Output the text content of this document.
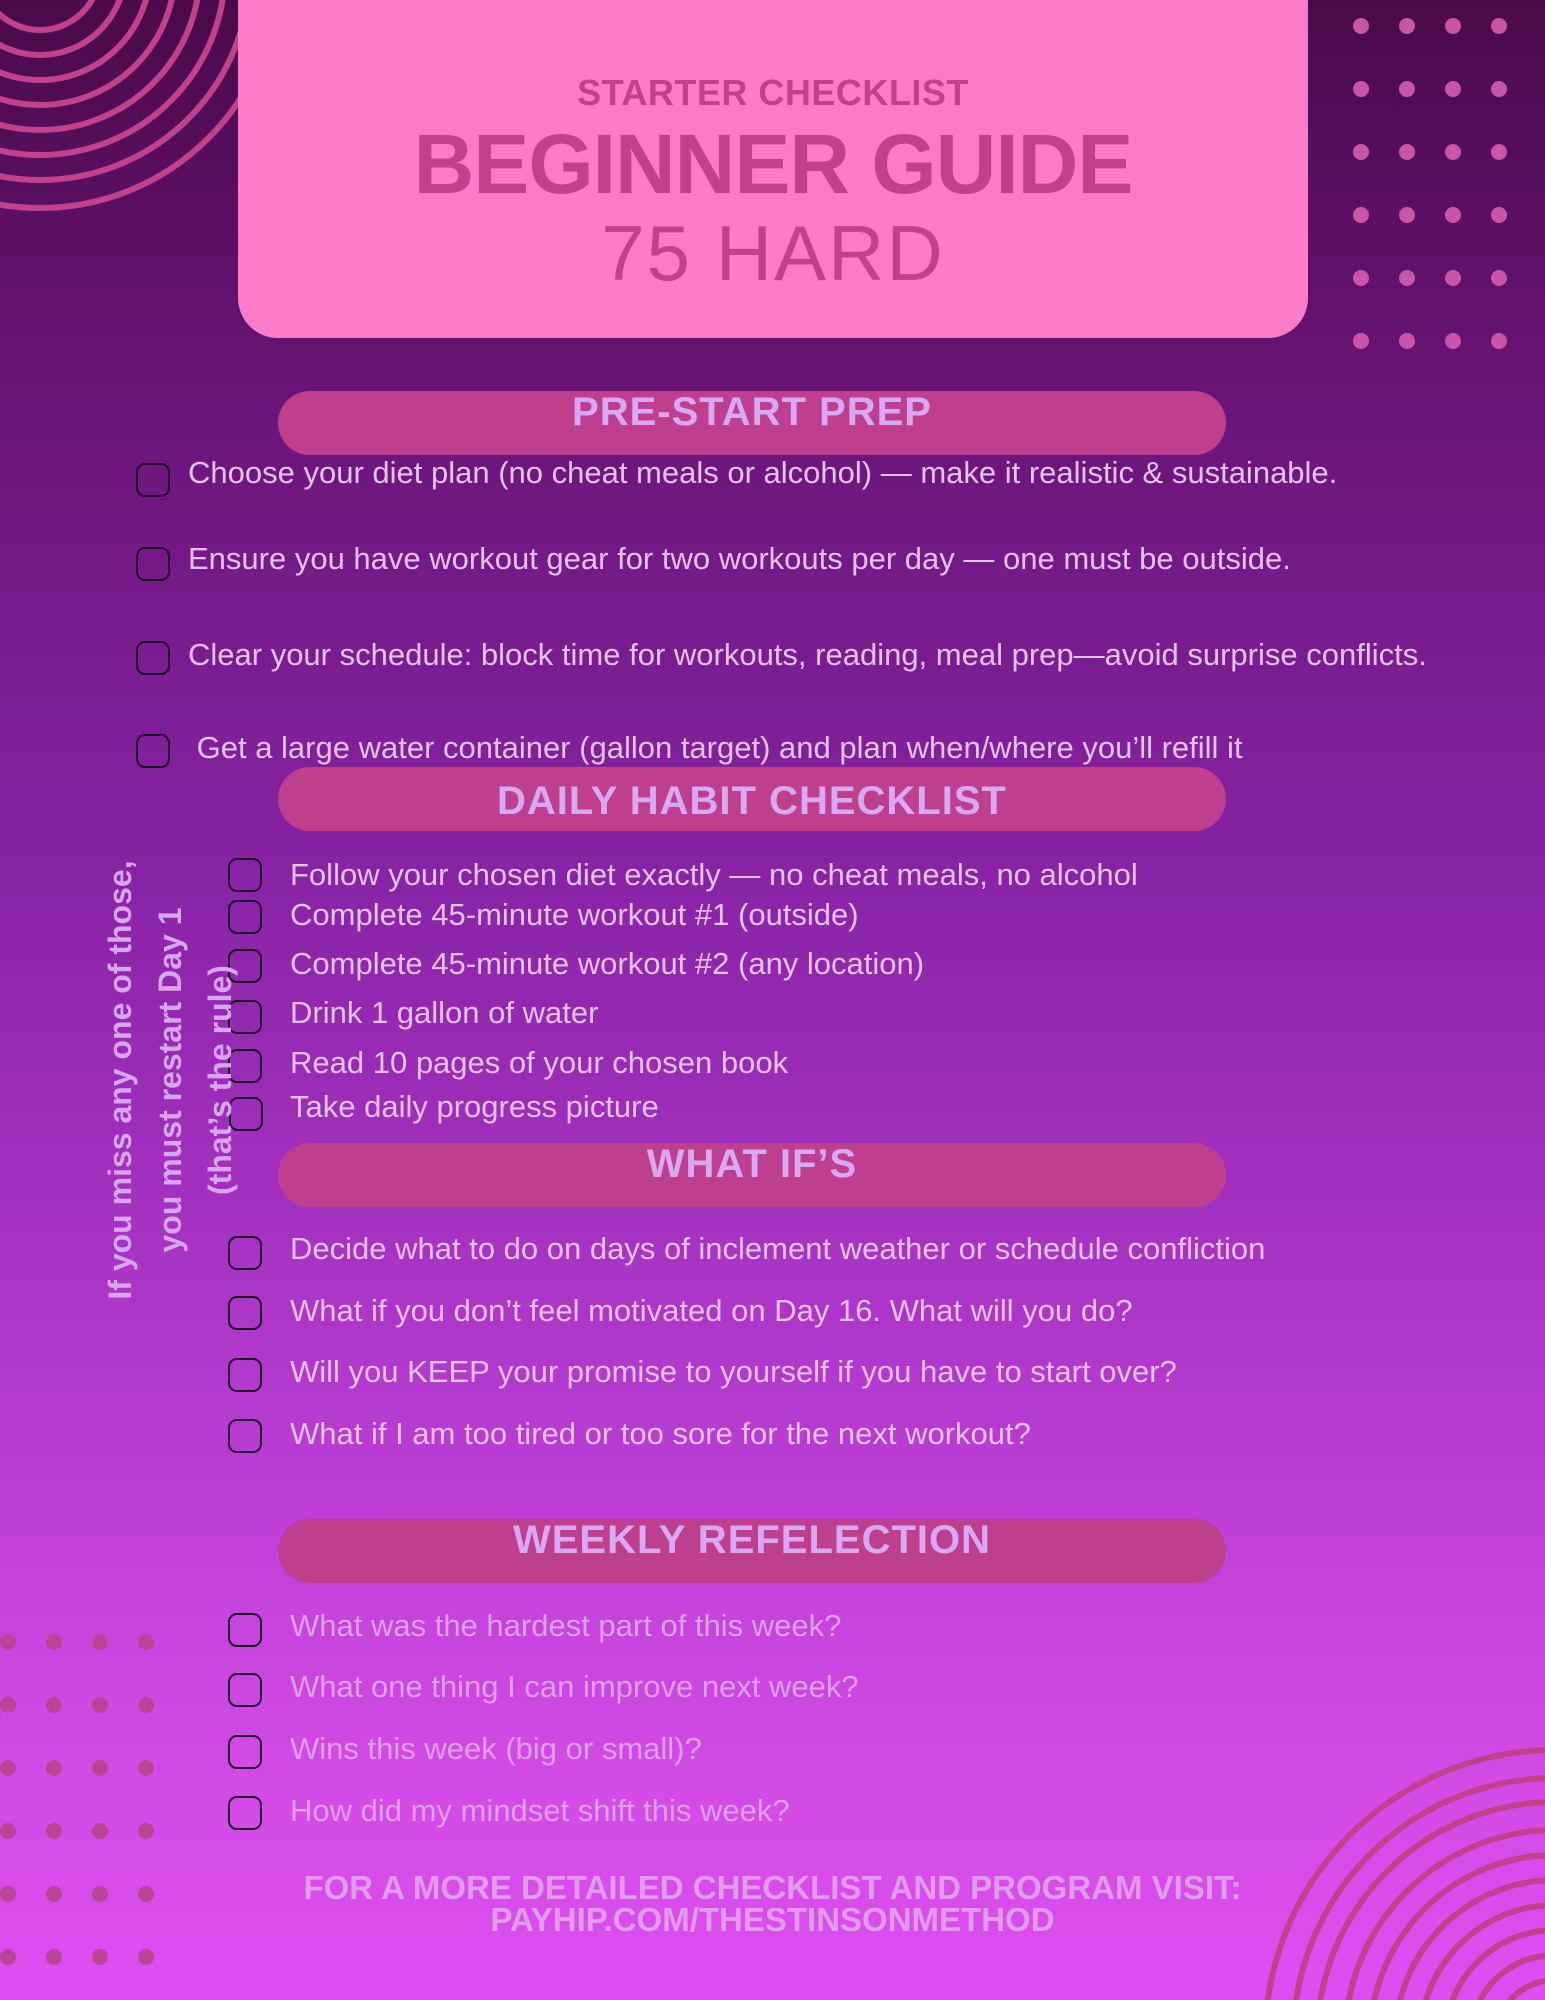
STARTER CHECKLIST
BEGINNER GUIDE
75 HARD
PRE-START PREP
Choose your diet plan (no cheat meals or alcohol) — make it realistic & sustainable.
Ensure you have workout gear for two workouts per day — one must be outside.
Clear your schedule: block time for workouts, reading, meal prep—avoid surprise conflicts.
Get a large water container (gallon target) and plan when/where you’ll refill it
DAILY HABIT CHECKLIST
Follow your chosen diet exactly — no cheat meals, no alcohol
Complete 45-minute workout #1 (outside)
Complete 45-minute workout #2 (any location)
Drink 1 gallon of water
Read 10 pages of your chosen book
Take daily progress picture
WHAT IF’S
Decide what to do on days of inclement weather or schedule confliction
What if you don’t feel motivated on Day 16. What will you do?
Will you KEEP your promise to yourself if you have to start over?
What if I am too tired or too sore for the next workout?
WEEKLY REFELECTION
What was the hardest part of this week?
What one thing I can improve next week?
Wins this week (big or small)?
How did my mindset shift this week?
If you miss any one of those, you must restart Day 1 (that’s the rule)
FOR A MORE DETAILED CHECKLIST AND PROGRAM VISIT:
PAYHIP.COM/THESTINSONMETHOD
